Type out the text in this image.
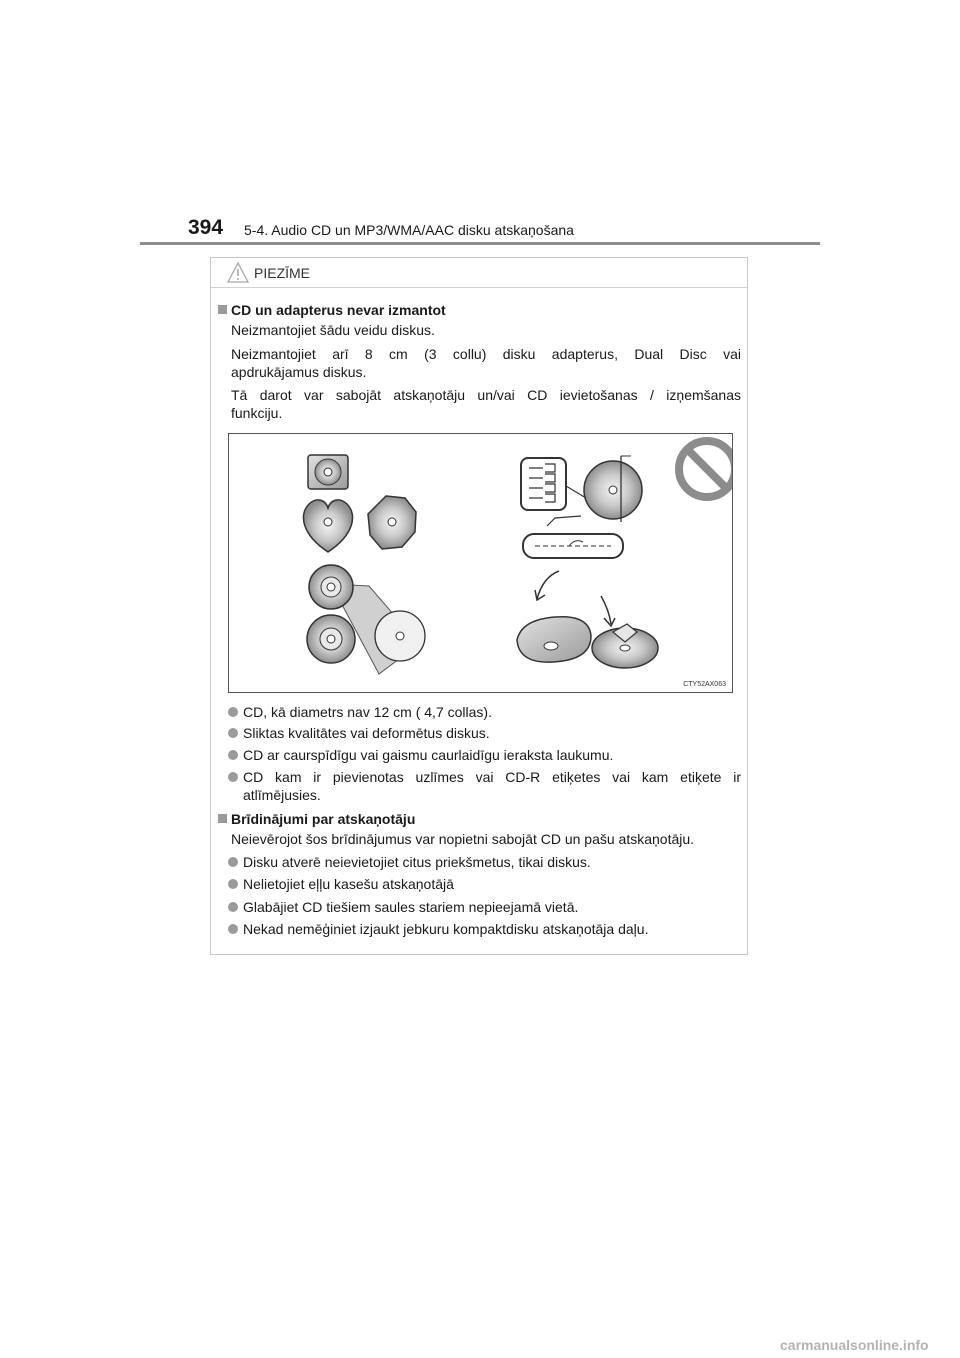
394 5-4. Audio CD un MP3/WMA/AAC disku atskaņošana
PIEZĪME
CD un adapterus nevar izmantot
Neizmantojiet šādu veidu diskus.
Neizmantojiet arī 8 cm (3 collu) disku adapterus, Dual Disc vai
apdrukājamus diskus.
Tā darot var sabojāt atskaņotāju un/vai CD ievietošanas / izņemšanas
funkciju.
CTY52AX063
CD, kā diametrs nav 12 cm ( 4,7 collas).
Sliktas kvalitātes vai deformētus diskus.
CD ar caurspīdīgu vai gaismu caurlaidīgu ieraksta laukumu.
CD kam ir pievienotas uzlīmes vai CD-R etiķetes vai kam etiķete ir
atlīmējusies.
Brīdinājumi par atskaņotāju
Neievērojot šos brīdinājumus var nopietni sabojāt CD un pašu atskaņotāju.
Disku atverē neievietojiet citus priekšmetus, tikai diskus.
Nelietojiet eļļu kasešu atskaņotājā
Glabājiet CD tiešiem saules stariem nepieejamā vietā.
Nekad nemēģiniet izjaukt jebkuru kompaktdisku atskaņotāja daļu.
carmanualsonline.info
